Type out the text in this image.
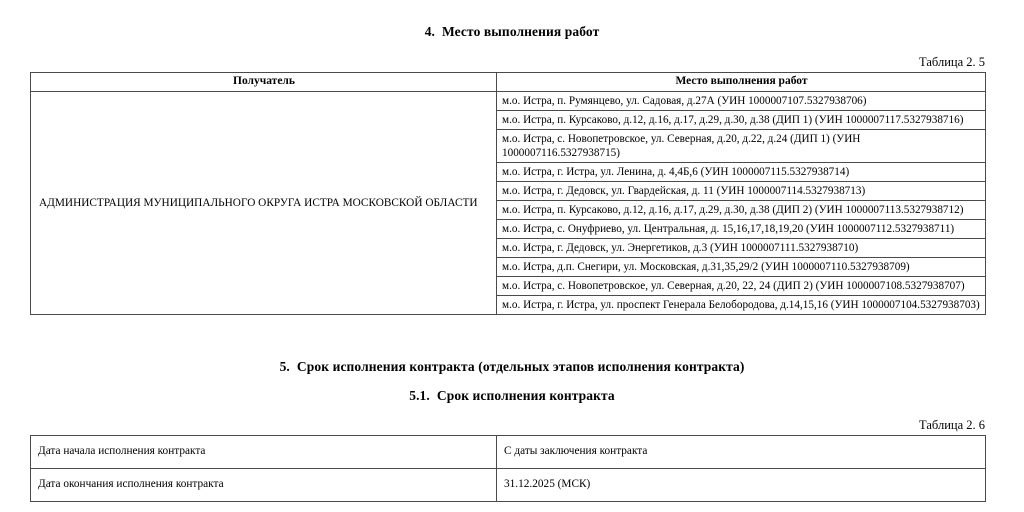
4. Место выполнения работ
Таблица 2. 5
Получатель	Место выполнения работ
АДМИНИСТРАЦИЯ МУНИЦИПАЛЬНОГО ОКРУГА ИСТРА МОСКОВСКОЙ ОБЛАСТИ	м.о. Истра, п. Румянцево, ул. Садовая, д.27А (УИН 1000007107.5327938706)
	м.о. Истра, п. Курсаково, д.12, д.16, д.17, д.29, д.30, д.38 (ДИП 1) (УИН 1000007117.5327938716)
	м.о. Истра, с. Новопетровское, ул. Северная, д.20, д.22, д.24 (ДИП 1) (УИН 1000007116.5327938715)
	м.о. Истра, г. Истра, ул. Ленина, д. 4,4Б,6 (УИН 1000007115.5327938714)
	м.о. Истра, г. Дедовск, ул. Гвардейская, д. 11 (УИН 1000007114.5327938713)
	м.о. Истра, п. Курсаково, д.12, д.16, д.17, д.29, д.30, д.38 (ДИП 2) (УИН 1000007113.5327938712)
	м.о. Истра, с. Онуфриево, ул. Центральная, д. 15,16,17,18,19,20 (УИН 1000007112.5327938711)
	м.о. Истра, г. Дедовск, ул. Энергетиков, д.3 (УИН 1000007111.5327938710)
	м.о. Истра, д.п. Снегири, ул. Московская, д.31,35,29/2 (УИН 1000007110.5327938709)
	м.о. Истра, с. Новопетровское, ул. Северная, д.20, 22, 24 (ДИП 2) (УИН 1000007108.5327938707)
	м.о. Истра, г. Истра, ул. проспект Генерала Белобородова, д.14,15,16 (УИН 1000007104.5327938703)
5. Срок исполнения контракта (отдельных этапов исполнения контракта)
5.1. Срок исполнения контракта
Таблица 2. 6
Дата начала исполнения контракта	С даты заключения контракта
Дата окончания исполнения контракта	31.12.2025 (МСК)
